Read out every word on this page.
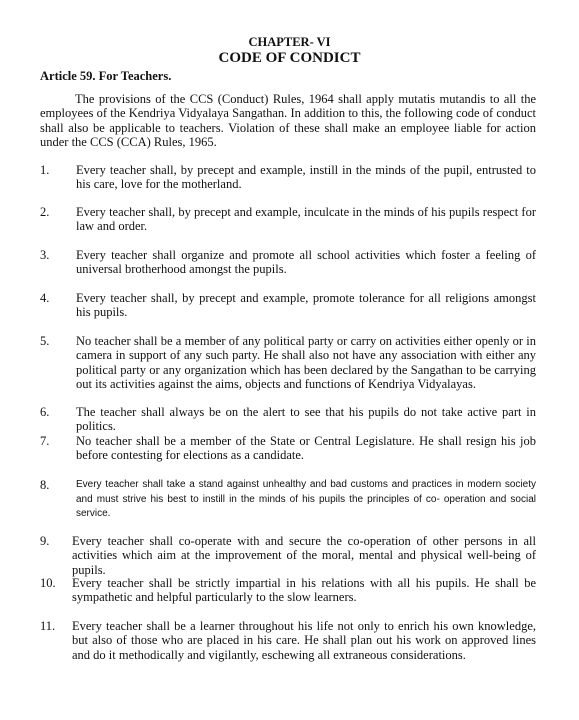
CHAPTER- VI
CODE OF CONDICT
Article 59. For Teachers.

The provisions of the CCS (Conduct) Rules, 1964 shall apply mutatis mutandis to all the employees of the Kendriya Vidyalaya Sangathan. In addition to this, the following code of conduct shall also be applicable to teachers. Violation of these shall make an employee liable for action under the CCS (CCA) Rules, 1965.

1. Every teacher shall, by precept and example, instill in the minds of the pupil, entrusted to his care, love for the motherland.
2. Every teacher shall, by precept and example, inculcate in the minds of his pupils respect for law and order.
3. Every teacher shall organize and promote all school activities which foster a feeling of universal brotherhood amongst the pupils.
4. Every teacher shall, by precept and example, promote tolerance for all religions amongst his pupils.
5. No teacher shall be a member of any political party or carry on activities either openly or in camera in support of any such party. He shall also not have any association with either any political party or any organization which has been declared by the Sangathan to be carrying out its activities against the aims, objects and functions of Kendriya Vidyalayas.
6. The teacher shall always be on the alert to see that his pupils do not take active part in politics.
7. No teacher shall be a member of the State or Central Legislature. He shall resign his job before contesting for elections as a candidate.
8.	Every teacher shall take a stand against unhealthy and bad customs and practices in modern society and must strive his best to instill in the minds of his pupils the principles of co- operation and social service.
9. Every teacher shall co-operate with and secure the co-operation of other persons in all activities which aim at the improvement of the moral, mental and physical well-being of pupils.
10. Every teacher shall be strictly impartial in his relations with all his pupils. He shall be sympathetic and helpful particularly to the slow learners.
11. Every teacher shall be a learner throughout his life not only to enrich his own knowledge, but also of those who are placed in his care. He shall plan out his work on approved lines and do it methodically and vigilantly, eschewing all extraneous considerations.
